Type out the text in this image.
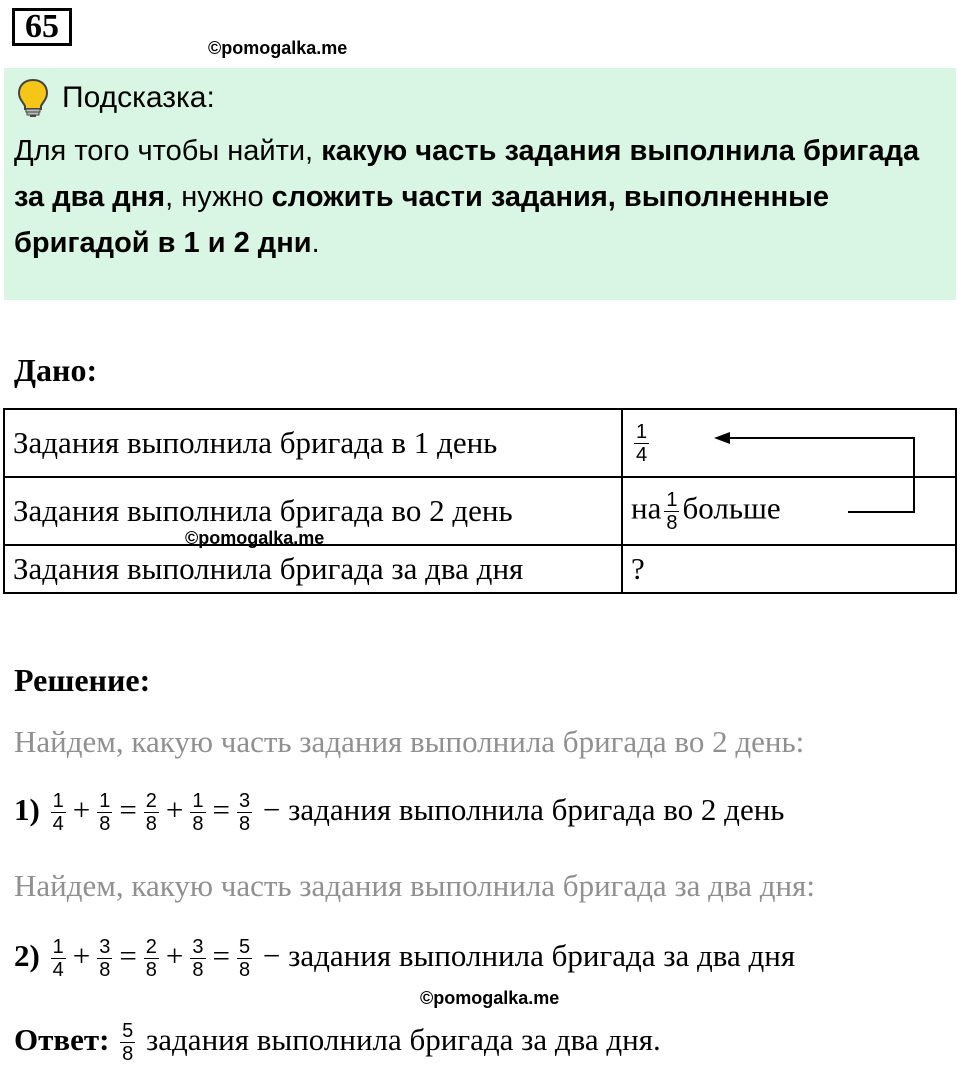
65
©pomogalka.me
Подсказка:
Для того чтобы найти, какую часть задания выполнила бригада за два дня, нужно сложить части задания, выполненные бригадой в 1 и 2 дни.
Дано:
Задания выполнила бригада в 1 день	$\frac{1}{4}$

Задания выполнила бригада во 2 день	на $\frac{1}{8}$ больше
Задания выполнила бригада за два дня	?
©pomogalka.me
Решение:
Найдем, какую часть задания выполнила бригада во 2 день:
$1) \frac{1}{4} + \frac{1}{8} = \frac{2}{8} + \frac{1}{8} = \frac{3}{8}$ − задания выполнила бригада во 2 день
Найдем, какую часть задания выполнила бригада за два дня:
$2) \frac{1}{4} + \frac{3}{8} = \frac{2}{8} + \frac{3}{8} = \frac{5}{8}$ − задания выполнила бригада за два дня
©pomogalka.me
Ответ: $\frac{5}{8}$ задания выполнила бригада за два дня.
